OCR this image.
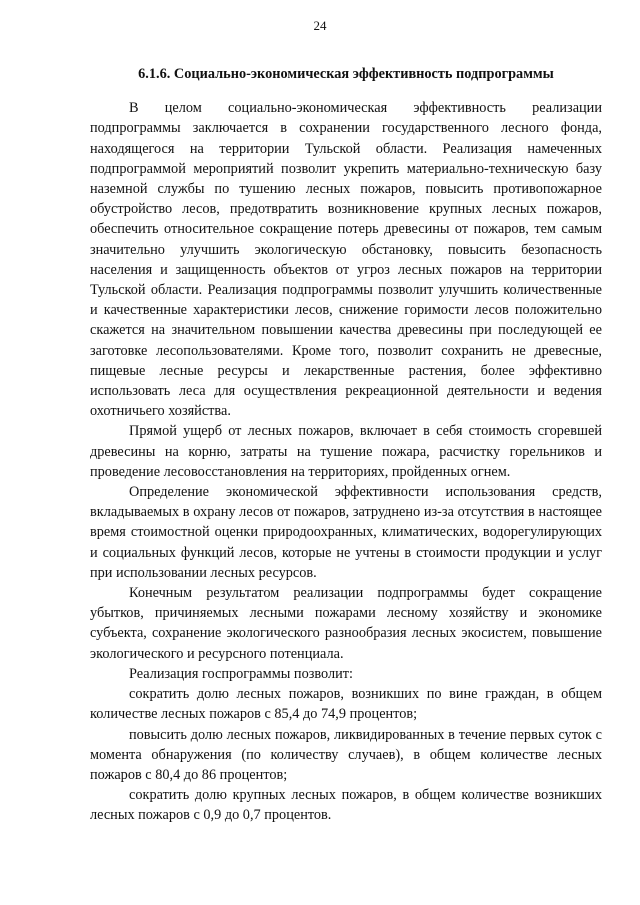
24
6.1.6. Социально-экономическая эффективность подпрограммы

В целом социально-экономическая эффективность реализации подпрограммы заключается в сохранении государственного лесного фонда, находящегося на территории Тульской области. Реализация намеченных подпрограммой мероприятий позволит укрепить материально-техническую базу наземной службы по тушению лесных пожаров, повысить противопожарное обустройство лесов, предотвратить возникновение крупных лесных пожаров, обеспечить относительное сокращение потерь древесины от пожаров, тем самым значительно улучшить экологическую обстановку, повысить безопасность населения и защищенность объектов от угроз лесных пожаров на территории Тульской области. Реализация подпрограммы позволит улучшить количественные и качественные характеристики лесов, снижение горимости лесов положительно скажется на значительном повышении качества древесины при последующей ее заготовке лесопользователями. Кроме того, позволит сохранить не древесные, пищевые лесные ресурсы и лекарственные растения, более эффективно использовать леса для осуществления рекреационной деятельности и ведения охотничьего хозяйства.

Прямой ущерб от лесных пожаров, включает в себя стоимость сгоревшей древесины на корню, затраты на тушение пожара, расчистку горельников и проведение лесовосстановления на территориях, пройденных огнем.

Определение экономической эффективности использования средств, вкладываемых в охрану лесов от пожаров, затруднено из-за отсутствия в настоящее время стоимостной оценки природоохранных, климатических, водорегулирующих и социальных функций лесов, которые не учтены в стоимости продукции и услуг при использовании лесных ресурсов.

Конечным результатом реализации подпрограммы будет сокращение убытков, причиняемых лесными пожарами лесному хозяйству и экономике субъекта, сохранение экологического разнообразия лесных экосистем, повышение экологического и ресурсного потенциала.

Реализация госпрограммы позволит:

сократить долю лесных пожаров, возникших по вине граждан, в общем количестве лесных пожаров с 85,4 до 74,9 процентов;

повысить долю лесных пожаров, ликвидированных в течение первых суток с момента обнаружения (по количеству случаев), в общем количестве лесных пожаров с 80,4 до 86 процентов;

сократить долю крупных лесных пожаров, в общем количестве возникших лесных пожаров с 0,9 до 0,7 процентов.
